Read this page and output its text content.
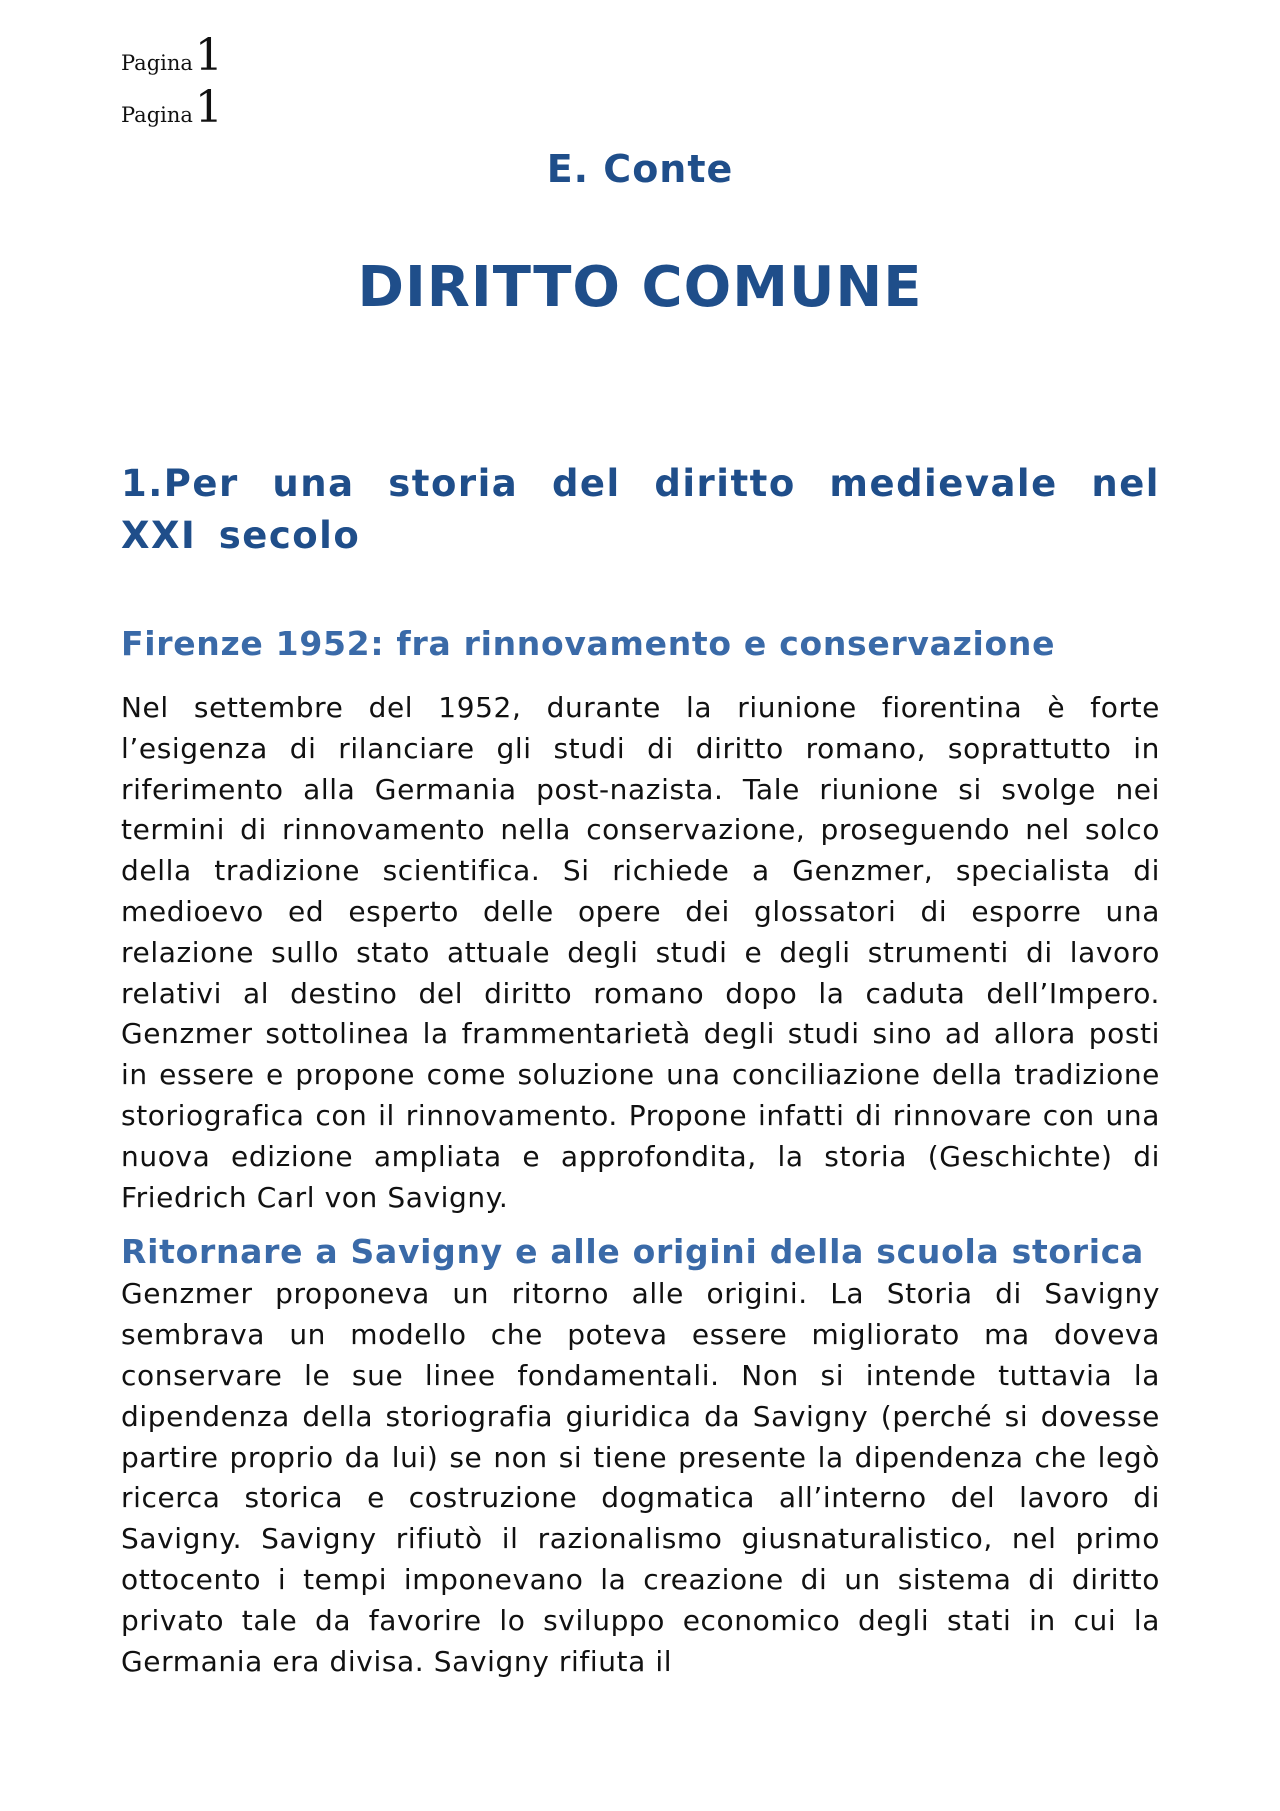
Pagina1
Pagina1
E. Conte
DIRITTO COMUNE
1.Per una storia del diritto medievale nel XXI secolo
Firenze 1952: fra rinnovamento e conservazione

Nel settembre del 1952, durante la riunione fiorentina è forte l’esigenza di rilanciare gli studi di diritto romano, soprattutto in riferimento alla Germania post-nazista. Tale riunione si svolge nei termini di rinnovamento nella conservazione, proseguendo nel solco della tradizione scientifica. Si richiede a Genzmer, specialista di medioevo ed esperto delle opere dei glossatori di esporre una relazione sullo stato attuale degli studi e degli strumenti di lavoro relativi al destino del diritto romano dopo la caduta dell’Impero. Genzmer sottolinea la frammentarietà degli studi sino ad allora posti in essere e propone come soluzione una conciliazione della tradizione storiografica con il rinnovamento. Propone infatti di rinnovare con una nuova edizione ampliata e approfondita, la storia (Geschichte) di Friedrich Carl von Savigny.

Ritornare a Savigny e alle origini della scuola storica

Genzmer proponeva un ritorno alle origini. La Storia di Savigny sembrava un modello che poteva essere migliorato ma doveva conservare le sue linee fondamentali. Non si intende tuttavia la dipendenza della storiografia giuridica da Savigny (perché si dovesse partire proprio da lui) se non si tiene presente la dipendenza che legò ricerca storica e costruzione dogmatica all’interno del lavoro di Savigny. Savigny rifiutò il razionalismo giusnaturalistico, nel primo ottocento i tempi imponevano la creazione di un sistema di diritto privato tale da favorire lo sviluppo economico degli stati in cui la Germania era divisa. Savigny rifiuta il
